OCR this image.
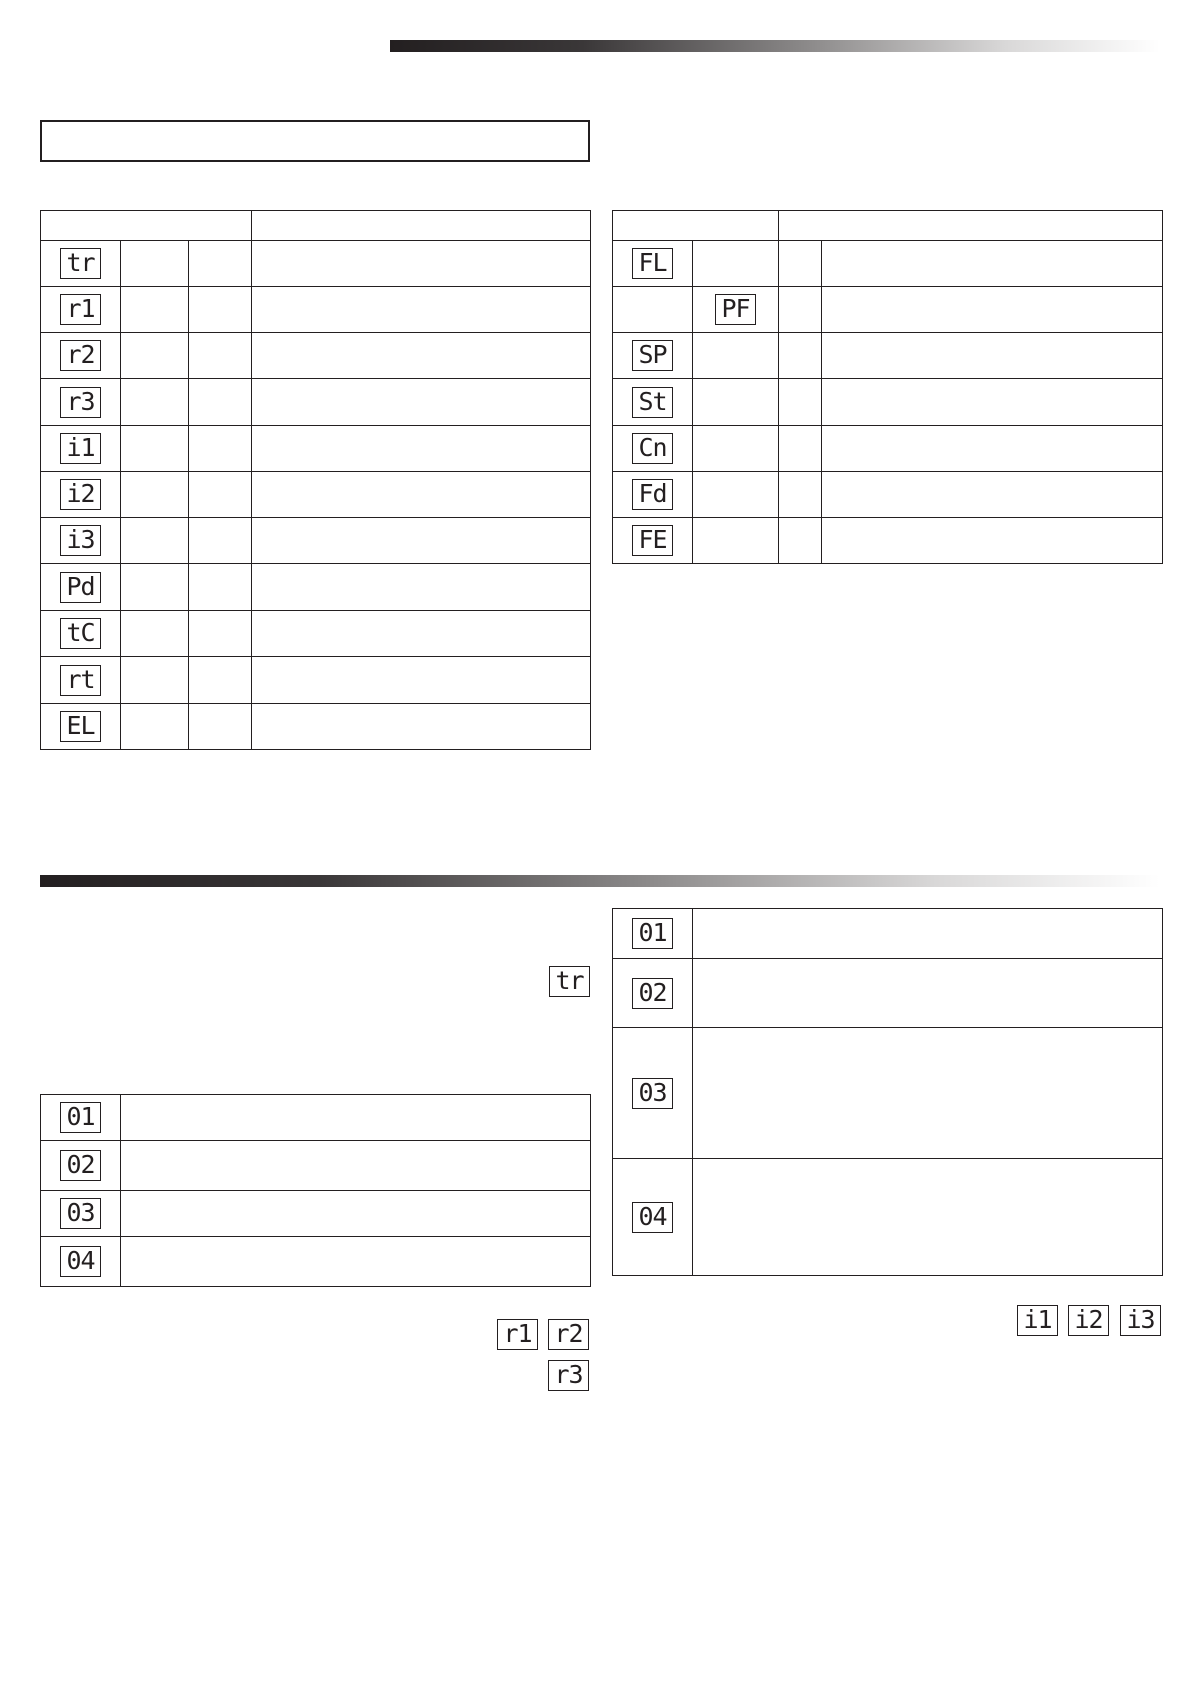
tr			
r1			
r2			
r3			
i1			
i2			
i3			
Pd			
tC			
rt			
EL			

FL			
	PF		
SP			
St			
Cn			
Fd			
FE			
tr
01	
02	
03	
04	
r1 r2
r3
01	
02	
03	
04	
i1 i2 i3
